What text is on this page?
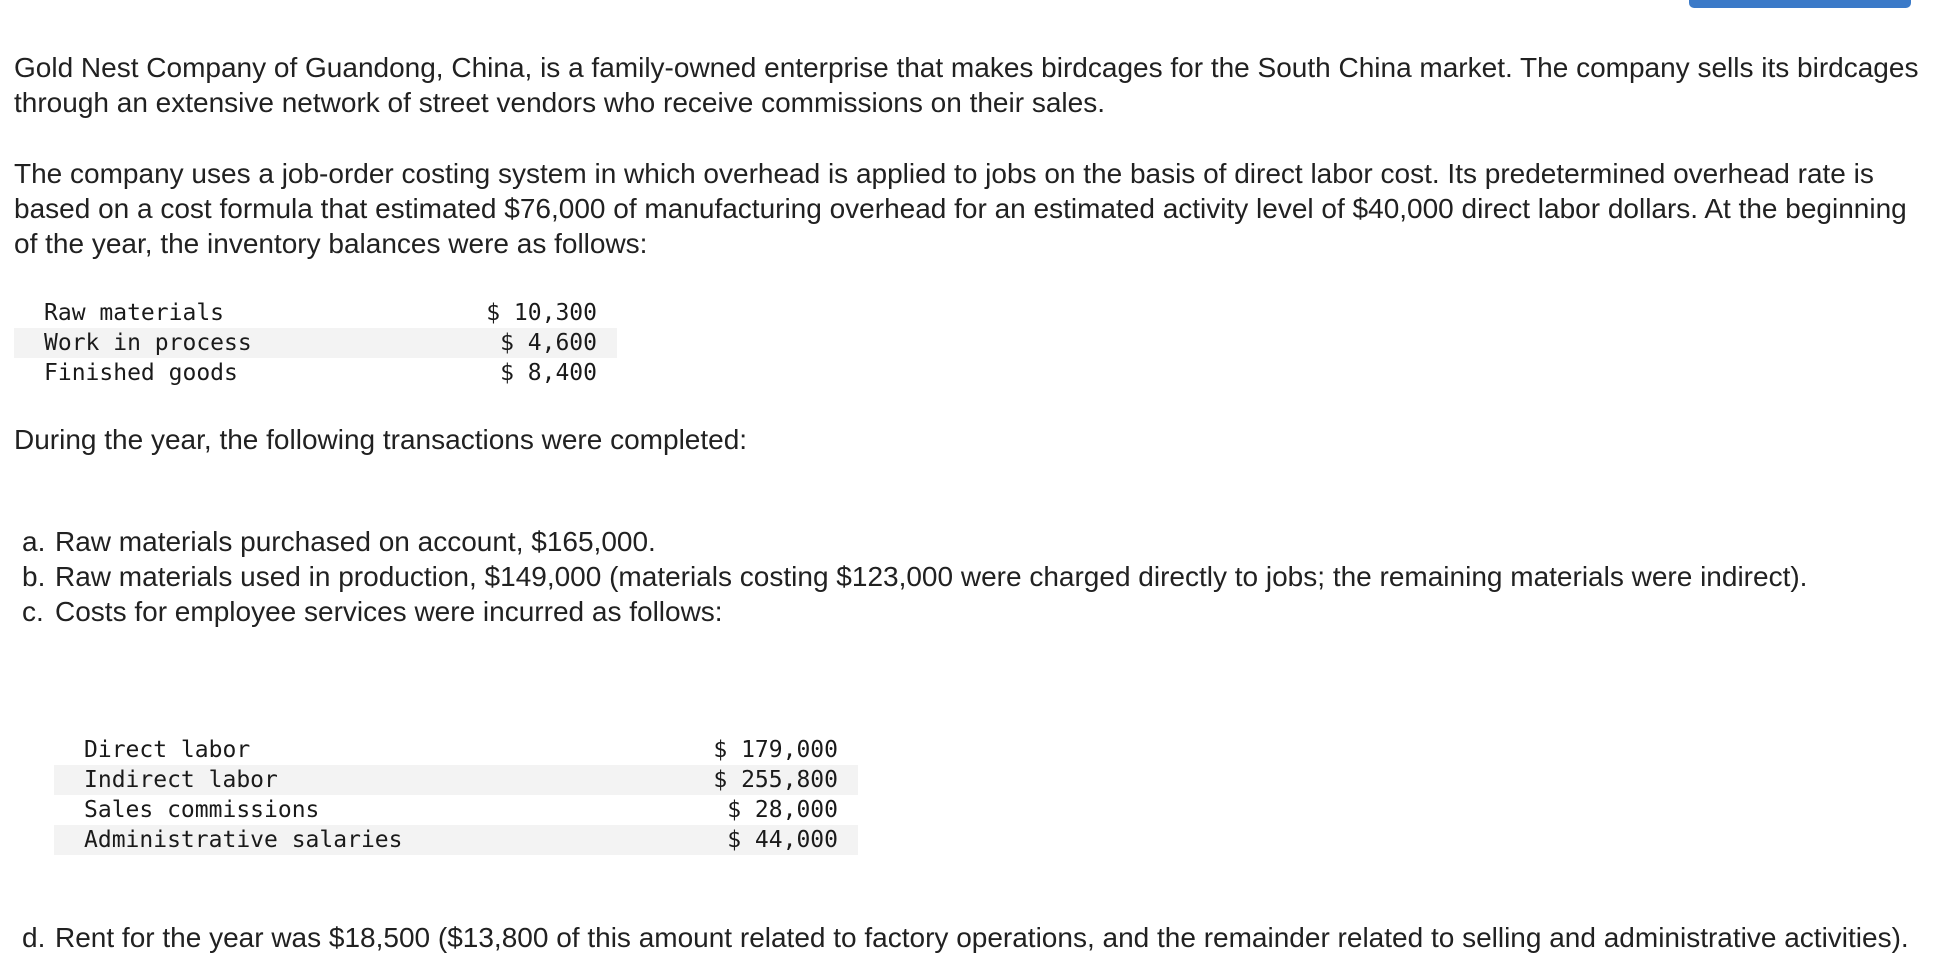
Gold Nest Company of Guandong, China, is a family-owned enterprise that makes birdcages for the South China market. The company sells its birdcages through an extensive network of street vendors who receive commissions on their sales.

The company uses a job-order costing system in which overhead is applied to jobs on the basis of direct labor cost. Its predetermined overhead rate is based on a cost formula that estimated $76,000 of manufacturing overhead for an estimated activity level of $40,000 direct labor dollars. At the beginning of the year, the inventory balances were as follows:

Raw materials	$ 10,300
Work in process	$ 4,600
Finished goods	$ 8,400

During the year, the following transactions were completed:

a. Raw materials purchased on account, $165,000.
b. Raw materials used in production, $149,000 (materials costing $123,000 were charged directly to jobs; the remaining materials were indirect).
c. Costs for employee services were incurred as follows:
Direct labor	$ 179,000
Indirect labor	$ 255,800
Sales commissions	$ 28,000
Administrative salaries	$ 44,000
d. Rent for the year was $18,500 ($13,800 of this amount related to factory operations, and the remainder related to selling and administrative activities).
